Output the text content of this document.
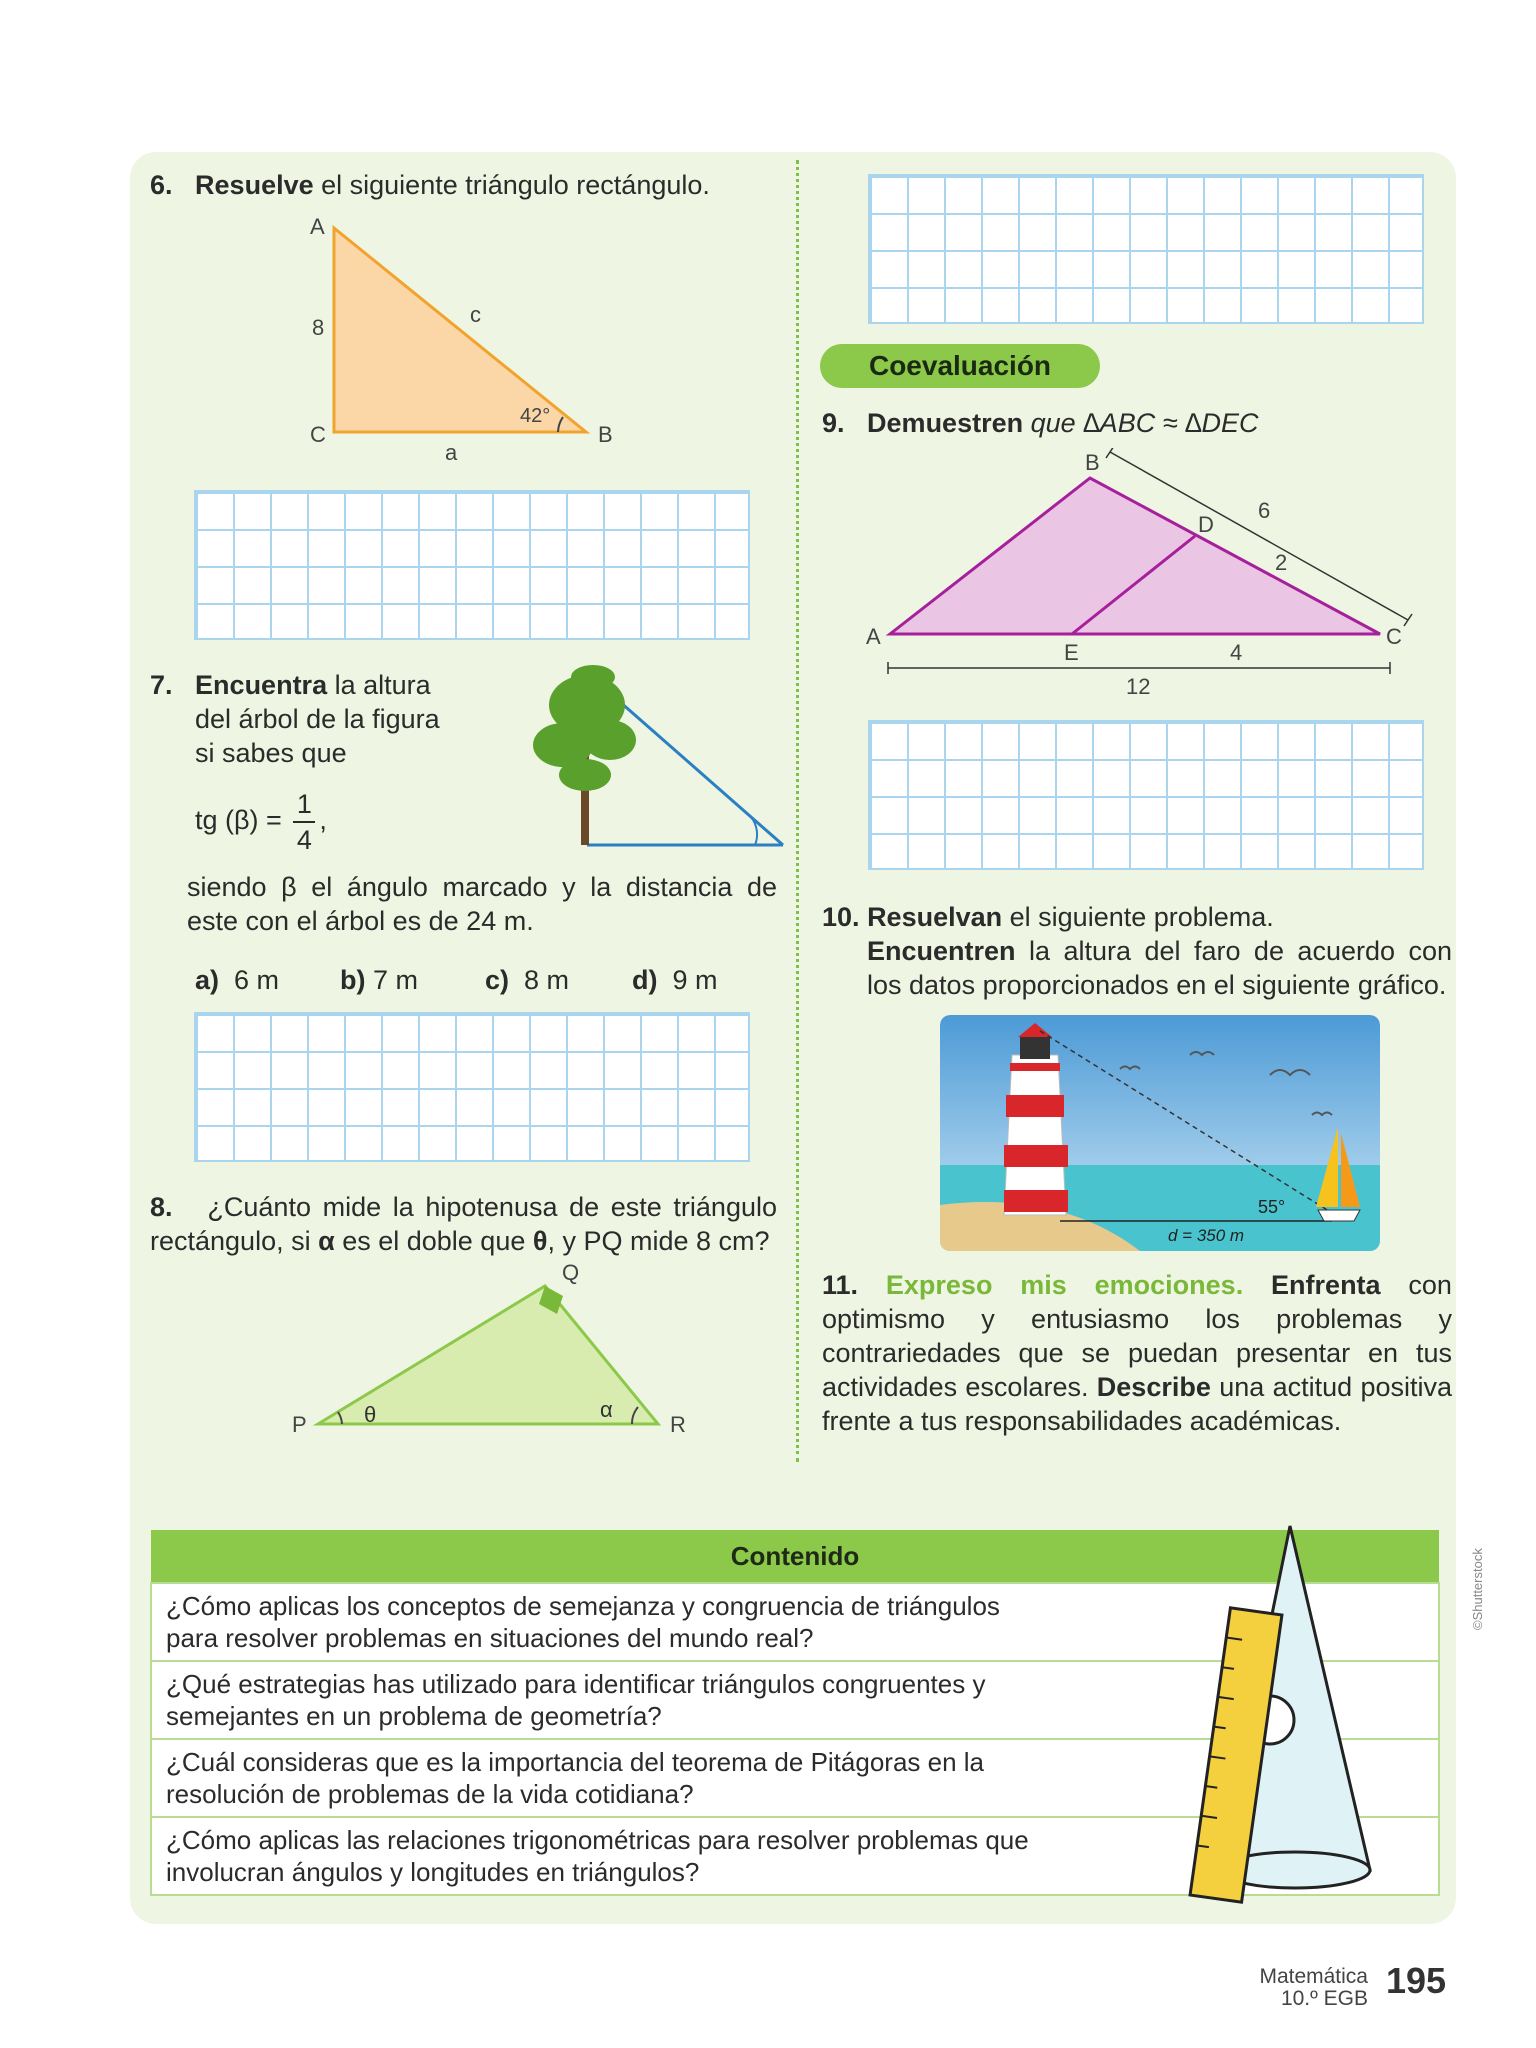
6. Resuelve el siguiente triángulo rectángulo.
A
c
8
42°
C	B
a
7. Encuentra la altura
del árbol de la figura
si sabes que
tg $(\beta) = \frac{1}{4}$ ,
siendo β el ángulo marcado y la distancia de este con el árbol es de 24 m.
a) 6 m b) 7 m c) 8 m d) 9 m
8. ¿Cuánto mide la hipotenusa de este triángulo rectángulo, si α es el doble que θ, y PQ mide 8 cm?
P
Q
R
θ	α
Coevaluación
9. Demuestren que ∆ABC ≈ ∆DEC
B
D
6
2
A	C
E	4
12
10. Resuelvan el siguiente problema.

Encuentren la altura del faro de acuerdo con los datos proporcionados en el siguiente gráfico.
55°
d = 350 m
11. Expreso mis emociones. Enfrenta con optimismo y entusiasmo los problemas y contrariedades que se puedan presentar en tus actividades escolares. Describe una actitud positiva frente a tus responsabilidades académicas.
Contenido
¿Cómo aplicas los conceptos de semejanza y congruencia de triángulos para resolver problemas en situaciones del mundo real?
¿Qué estrategias has utilizado para identificar triángulos congruentes y semejantes en un problema de geometría?
¿Cuál consideras que es la importancia del teorema de Pitágoras en la resolución de problemas de la vida cotidiana?
¿Cómo aplicas las relaciones trigonométricas para resolver problemas que involucran ángulos y longitudes en triángulos?
Matemática
10.º EGB 195
©Shutterstock
